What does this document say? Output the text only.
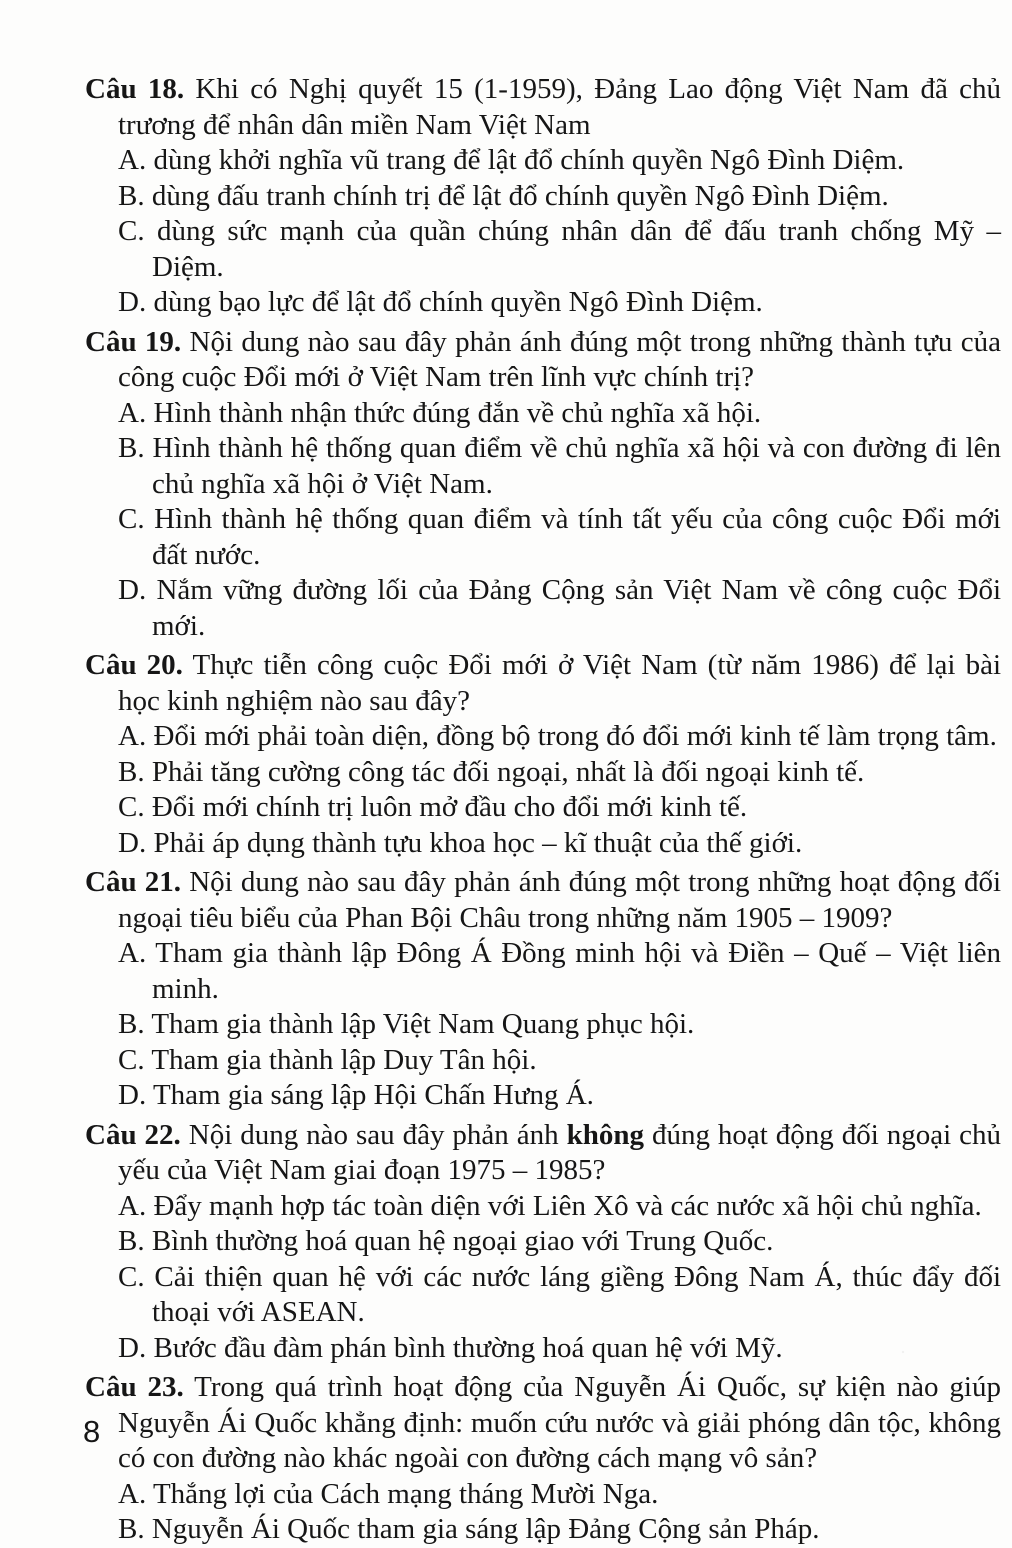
Câu 18. Khi có Nghị quyết 15 (1-1959), Đảng Lao động Việt Nam đã chủ trương để nhân dân miền Nam Việt Nam

A. dùng khởi nghĩa vũ trang để lật đổ chính quyền Ngô Đình Diệm.

B. dùng đấu tranh chính trị để lật đổ chính quyền Ngô Đình Diệm.

C. dùng sức mạnh của quần chúng nhân dân để đấu tranh chống Mỹ – Diệm.

D. dùng bạo lực để lật đổ chính quyền Ngô Đình Diệm.

Câu 19. Nội dung nào sau đây phản ánh đúng một trong những thành tựu của công cuộc Đổi mới ở Việt Nam trên lĩnh vực chính trị?

A. Hình thành nhận thức đúng đắn về chủ nghĩa xã hội.

B. Hình thành hệ thống quan điểm về chủ nghĩa xã hội và con đường đi lên chủ nghĩa xã hội ở Việt Nam.

C. Hình thành hệ thống quan điểm và tính tất yếu của công cuộc Đổi mới đất nước.

D. Nắm vững đường lối của Đảng Cộng sản Việt Nam về công cuộc Đổi mới.

Câu 20. Thực tiễn công cuộc Đổi mới ở Việt Nam (từ năm 1986) để lại bài học kinh nghiệm nào sau đây?

A. Đổi mới phải toàn diện, đồng bộ trong đó đổi mới kinh tế làm trọng tâm.

B. Phải tăng cường công tác đối ngoại, nhất là đối ngoại kinh tế.

C. Đổi mới chính trị luôn mở đầu cho đổi mới kinh tế.

D. Phải áp dụng thành tựu khoa học – kĩ thuật của thế giới.

Câu 21. Nội dung nào sau đây phản ánh đúng một trong những hoạt động đối ngoại tiêu biểu của Phan Bội Châu trong những năm 1905 – 1909?

A. Tham gia thành lập Đông Á Đồng minh hội và Điền – Quế – Việt liên minh.

B. Tham gia thành lập Việt Nam Quang phục hội.

C. Tham gia thành lập Duy Tân hội.

D. Tham gia sáng lập Hội Chấn Hưng Á.

Câu 22. Nội dung nào sau đây phản ánh không đúng hoạt động đối ngoại chủ yếu của Việt Nam giai đoạn 1975 – 1985?

A. Đẩy mạnh hợp tác toàn diện với Liên Xô và các nước xã hội chủ nghĩa.

B. Bình thường hoá quan hệ ngoại giao với Trung Quốc.

C. Cải thiện quan hệ với các nước láng giềng Đông Nam Á, thúc đẩy đối thoại với ASEAN.

D. Bước đầu đàm phán bình thường hoá quan hệ với Mỹ.

Câu 23. Trong quá trình hoạt động của Nguyễn Ái Quốc, sự kiện nào giúp Nguyễn Ái Quốc khẳng định: muốn cứu nước và giải phóng dân tộc, không có con đường nào khác ngoài con đường cách mạng vô sản?

A. Thắng lợi của Cách mạng tháng Mười Nga.

B. Nguyễn Ái Quốc tham gia sáng lập Đảng Cộng sản Pháp.

8
